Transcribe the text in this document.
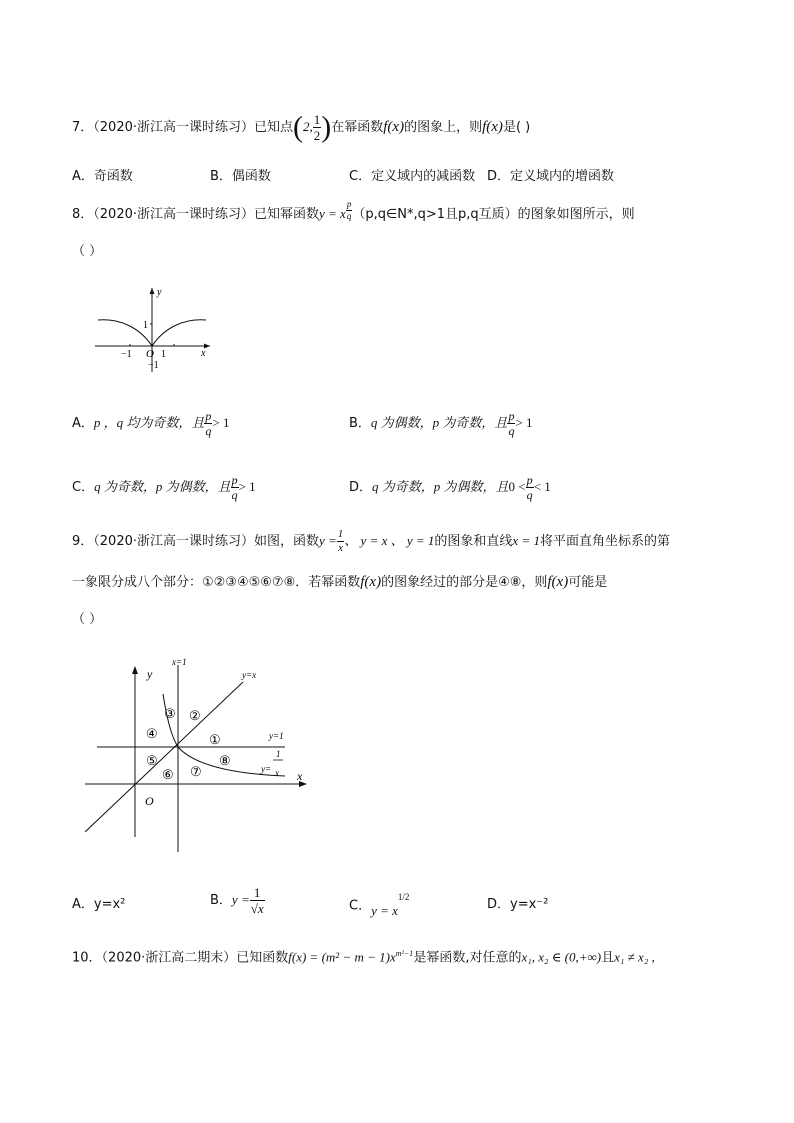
7．（2020·浙江高一课时练习）已知点(2, $\frac{1}{2}$ )在幂函数f(x)的图象上，则f(x)是( )
A．奇函数	B．偶函数	C．定义域内的减函数 D．定义域内的增函数
8．（2020·浙江高一课时练习）已知幂函数y = x $^{\frac{p}{q}}$ （p,q∈N*,q>1且p,q互质）的图象如图所示，则
（ ）
y
x
1
−1 O 1
−1
A．p ，q 均为奇数，且 $\frac{p}{q} > 1$	B．q 为偶数，p 为奇数，且 $\frac{p}{q} > 1$
C．q 为奇数，p 为偶数，且 $\frac{p}{q} > 1$	D．q 为奇数，p 为偶数，且$0 < \frac{p}{q} < 1$
9．（2020·浙江高一课时练习）如图，函数$y = \frac{1}{x}$ 、 y = x 、 y = 1的图象和直线x = 1将平面直角坐标系的第
一象限分成八个部分：①②③④⑤⑥⑦⑧．若幂函数f(x)的图象经过的部分是④⑧，则f(x)可能是
（ ）
x=1
y=x
y=1
y
x
O
y=
1
x
①
②
③
④
⑤
⑥ ⑦
⑧
A．y=x²	B．$y = \frac{1}{√x}$	C．$y = x^{1/2}$	D．y=x⁻²
10．（2020·浙江高二期末）已知函数$f(x) = (m^2 - m - 1)x^{m^2-1}$是幂函数,对任意的x₁, x₂ ∈ (0,+∞)且x₁ ≠ x₂ ,
